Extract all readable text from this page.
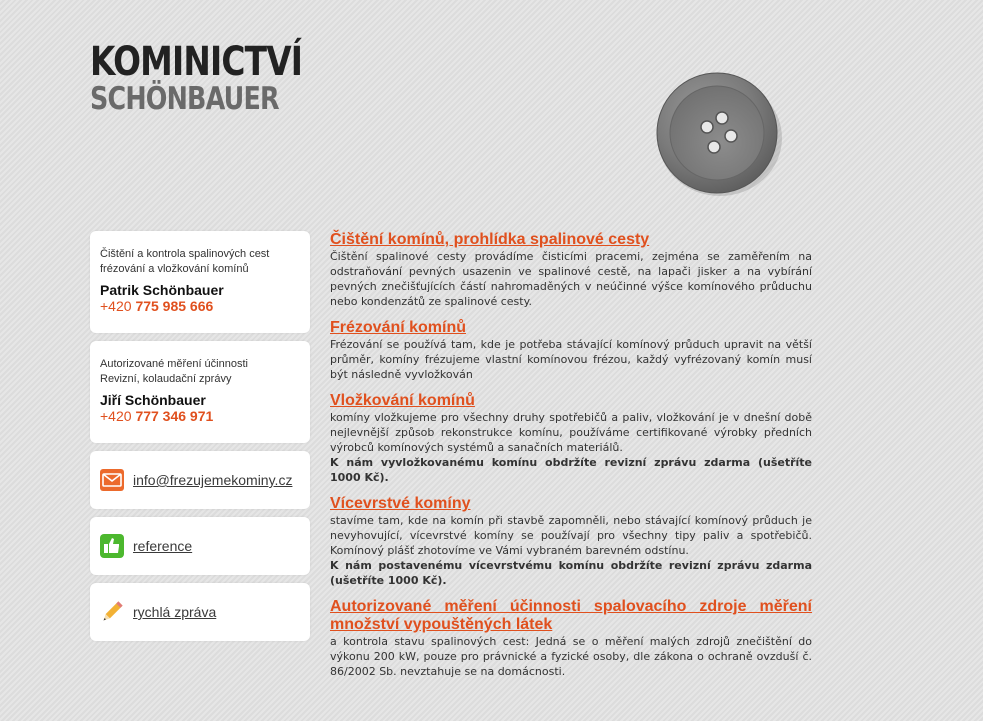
KOMINICTVÍ
SCHÖNBAUER
Čištění a kontrola spalinových cest
frézování a vložkování komínů
Patrik Schönbauer
+420 775 985 666
Autorizované měření účinnosti
Revizní, kolaudační zprávy
Jiří Schönbauer
+420 777 346 971
info@frezujemekominy.cz
reference
rychlá zpráva
Čištění komínů, prohlídka spalinové cesty

Čištění spalinové cesty provádíme čisticími pracemi, zejména se zaměřením na odstraňování pevných usazenin ve spalinové cestě, na lapači jisker a na vybírání pevných znečišťujících částí nahromaděných v neúčinné výšce komínového průduchu nebo kondenzátů ze spalinové cesty.

Frézování komínů

Frézování se používá tam, kde je potřeba stávající komínový průduch upravit na větší průměr, komíny frézujeme vlastní komínovou frézou, každý vyfrézovaný komín musí být následně vyvložkován

Vložkování komínů

komíny vložkujeme pro všechny druhy spotřebičů a paliv, vložkování je v dnešní době nejlevnější způsob rekonstrukce komínu, používáme certifikované výrobky předních výrobců komínových systémů a sanačních materiálů.

K nám vyvložkovanému komínu obdržíte revizní zprávu zdarma (ušetříte 1000 Kč).

Vícevrstvé komíny

stavíme tam, kde na komín při stavbě zapomněli, nebo stávající komínový průduch je nevyhovující, vícevrstvé komíny se používají pro všechny tipy paliv a spotřebičů. Komínový plášť zhotovíme ve Vámi vybraném barevném odstínu.

K nám postavenému vícevrstvému komínu obdržíte revizní zprávu zdarma (ušetříte 1000 Kč).

Autorizované měření účinnosti spalovacího zdroje měření množství vypouštěných látek

a kontrola stavu spalinových cest: Jedná se o měření malých zdrojů znečištění do výkonu 200 kW, pouze pro právnické a fyzické osoby, dle zákona o ochraně ovzduší č. 86/2002 Sb. nevztahuje se na domácnosti.
